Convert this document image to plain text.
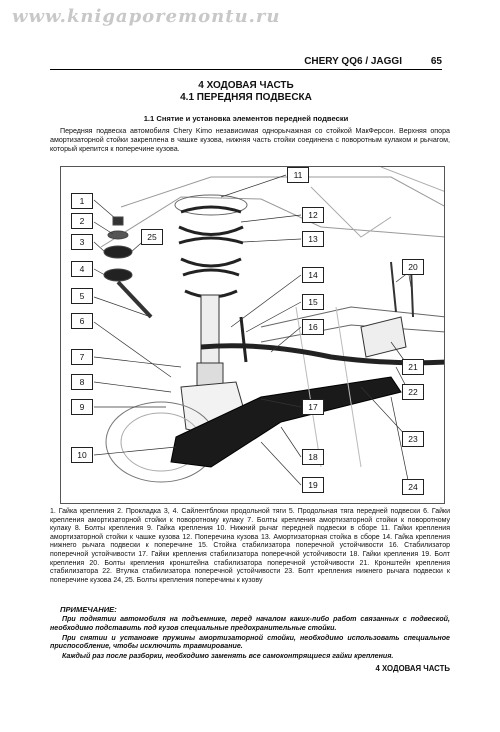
www.knigaporemontu.ru
CHERY QQ6 / JAGGI	65
4 ХОДОВАЯ ЧАСТЬ
4.1 ПЕРЕДНЯЯ ПОДВЕСКА
1.1 Снятие и установка элементов передней подвески

Передняя подвеска автомобиля Chery Kimo независимая однорычажная со стойкой МакФерсон. Верхняя опора амортизаторной стойки закреплена в чашке кузова, нижняя часть стойки соединена с поворотным кулаком и рычагом, который крепится к поперечине кузова.

1
2
3
4
5
6
7
8
9
10
11
12
13
14
15
16
17
18
19
20
21
22
23
24
25
1. Гайка крепления 2. Прокладка 3, 4. Сайлентблоки продольной тяги 5. Продольная тяга передней подвески 6. Гайки крепления амортизаторной стойки к поворотному кулаку 7. Болты крепления амортизаторной стойки к поворотному кулаку 8. Болты крепления 9. Гайка крепления 10. Нижний рычаг передней подвески в сборе 11. Гайки крепления амортизаторной стойки к чашке кузова 12. Поперечина кузова 13. Амортизаторная стойка в сборе 14. Гайка крепления нижнего рычага подвески к поперечине 15. Стойка стабилизатора поперечной устойчивости 16. Стабилизатор поперечной устойчивости 17. Гайки крепления стабилизатора поперечной устойчивости 18. Гайки крепления 19. Болт крепления 20. Болты крепления кронштейна стабилизатора поперечной устойчивости 21. Кронштейн крепления стабилизатора 22. Втулка стабилизатора поперечной устойчивости 23. Болт крепления нижнего рычага подвески к поперечине кузова 24, 25. Болты крепления поперечины к кузову
ПРИМЕЧАНИЕ:

При поднятии автомобиля на подъемнике, перед началом каких-либо работ связанных с подвеской, необходимо подставить под кузов специальные предохранительные стойки.

При снятии и установке пружины амортизаторной стойки, необходимо использовать специальное приспособление, чтобы исключить травмирование.

Каждый раз после разборки, необходимо заменять все самоконтрящиеся гайки крепления.

4 ХОДОВАЯ ЧАСТЬ
